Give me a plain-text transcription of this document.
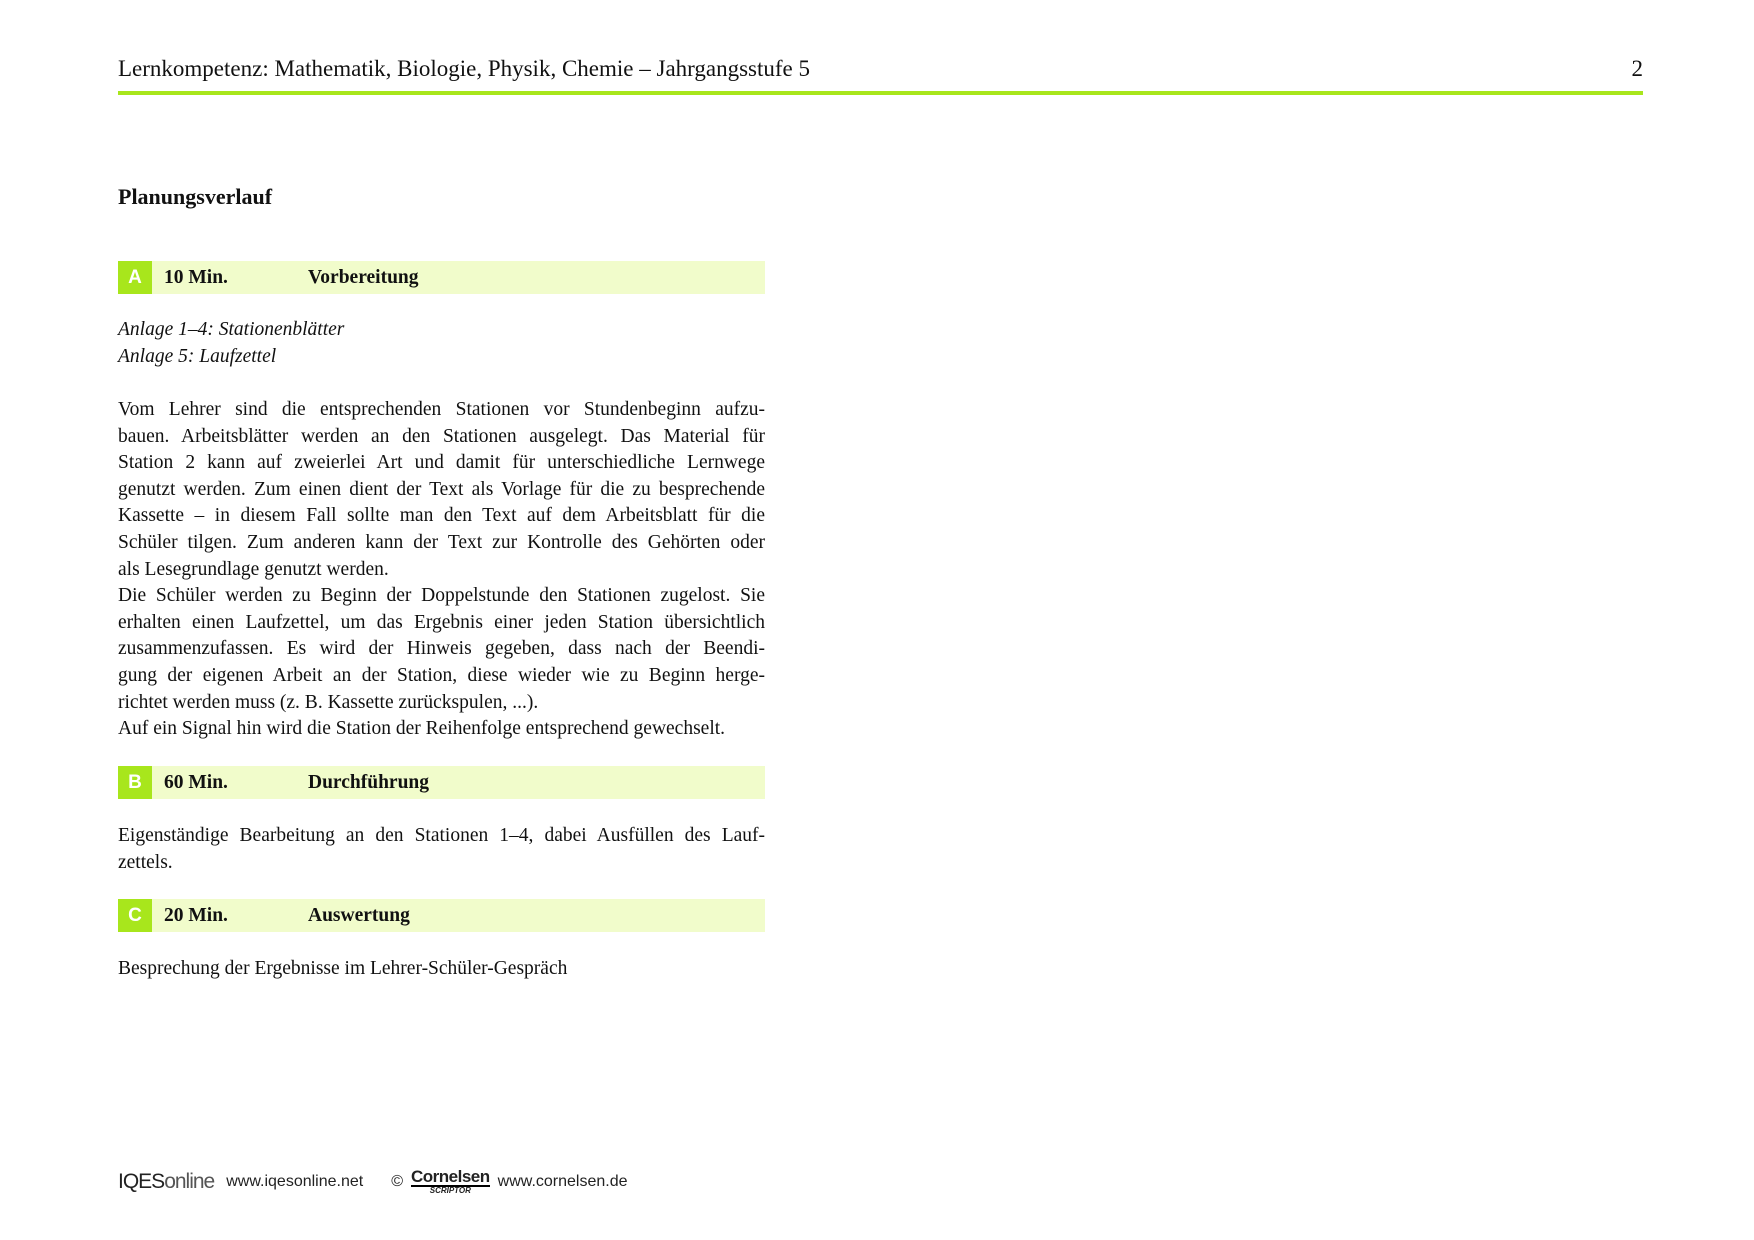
Lernkompetenz: Mathematik, Biologie, Physik, Chemie – Jahrgangsstufe 5	2
Planungsverlauf
A	10 Min.	Vorbereitung
Anlage 1–4: Stationenblätter
Anlage 5: Laufzettel
Vom Lehrer sind die entsprechenden Stationen vor Stundenbeginn aufzu-
bauen. Arbeitsblätter werden an den Stationen ausgelegt. Das Material für
Station 2 kann auf zweierlei Art und damit für unterschiedliche Lernwege
genutzt werden. Zum einen dient der Text als Vorlage für die zu besprechende
Kassette – in diesem Fall sollte man den Text auf dem Arbeitsblatt für die
Schüler tilgen. Zum anderen kann der Text zur Kontrolle des Gehörten oder
als Lesegrundlage genutzt werden.
Die Schüler werden zu Beginn der Doppelstunde den Stationen zugelost. Sie
erhalten einen Laufzettel, um das Ergebnis einer jeden Station übersichtlich
zusammenzufassen. Es wird der Hinweis gegeben, dass nach der Beendi-
gung der eigenen Arbeit an der Station, diese wieder wie zu Beginn herge-
richtet werden muss (z. B. Kassette zurückspulen, ...).
Auf ein Signal hin wird die Station der Reihenfolge entsprechend gewechselt.
B	60 Min.	Durchführung
Eigenständige Bearbeitung an den Stationen 1–4, dabei Ausfüllen des Lauf-
zettels.
C	20 Min.	Auswertung
Besprechung der Ergebnisse im Lehrer-Schüler-Gespräch
IQESonline www.iqesonline.net © Cornelsen
SCRIPTOR
www.cornelsen.de
